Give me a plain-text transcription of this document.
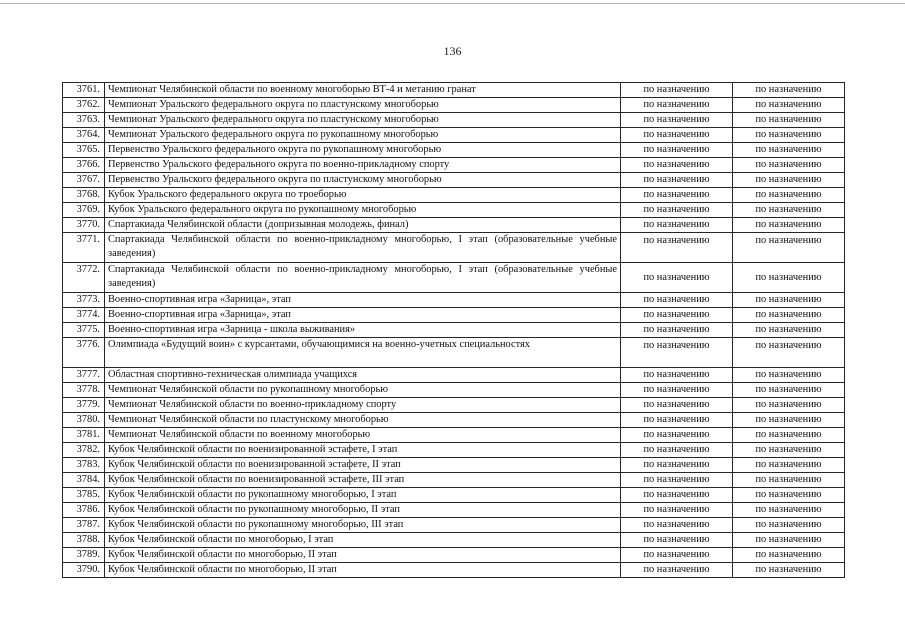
136
3761.	Чемпионат Челябинской области по военному многоборью ВТ-4 и метанию гранат	по назначению	по назначению
3762.	Чемпионат Уральского федерального округа по пластунскому многоборью	по назначению	по назначению
3763.	Чемпионат Уральского федерального округа по пластунскому многоборью	по назначению	по назначению
3764.	Чемпионат Уральского федерального округа по рукопашному многоборью	по назначению	по назначению
3765.	Первенство Уральского федерального округа по рукопашному многоборью	по назначению	по назначению
3766.	Первенство Уральского федерального округа по военно-прикладному спорту	по назначению	по назначению
3767.	Первенство Уральского федерального округа по пластунскому многоборью	по назначению	по назначению
3768.	Кубок Уральского федерального округа по троеборью	по назначению	по назначению
3769.	Кубок Уральского федерального округа по рукопашному многоборью	по назначению	по назначению
3770.	Спартакиада Челябинской области (допризывная молодежь, финал)	по назначению	по назначению
3771.	Спартакиада Челябинской области по военно-прикладному многоборью, I этап (образовательные учебные заведения)	по назначению	по назначению
3772.	Спартакиада Челябинской области по военно-прикладному многоборью, I этап (образовательные учебные заведения)	по назначению	по назначению
3773.	Военно-спортивная игра «Зарница», этап	по назначению	по назначению
3774.	Военно-спортивная игра «Зарница», этап	по назначению	по назначению
3775.	Военно-спортивная игра «Зарница - школа выживания»	по назначению	по назначению
3776.	Олимпиада «Будущий воин» с курсантами, обучающимися на военно-учетных специальностях	по назначению	по назначению
3777.	Областная спортивно-техническая олимпиада учащихся	по назначению	по назначению
3778.	Чемпионат Челябинской области по рукопашному многоборью	по назначению	по назначению
3779.	Чемпионат Челябинской области по военно-прикладному спорту	по назначению	по назначению
3780.	Чемпионат Челябинской области по пластунскому многоборью	по назначению	по назначению
3781.	Чемпионат Челябинской области по военному многоборью	по назначению	по назначению
3782.	Кубок Челябинской области по военизированной эстафете, I этап	по назначению	по назначению
3783.	Кубок Челябинской области по военизированной эстафете, II этап	по назначению	по назначению
3784.	Кубок Челябинской области по военизированной эстафете, III этап	по назначению	по назначению
3785.	Кубок Челябинской области по рукопашному многоборью, I этап	по назначению	по назначению
3786.	Кубок Челябинской области по рукопашному многоборью, II этап	по назначению	по назначению
3787.	Кубок Челябинской области по рукопашному многоборью, III этап	по назначению	по назначению
3788.	Кубок Челябинской области по многоборью, I этап	по назначению	по назначению
3789.	Кубок Челябинской области по многоборью, II этап	по назначению	по назначению
3790.	Кубок Челябинской области по многоборью, II этап	по назначению	по назначению
